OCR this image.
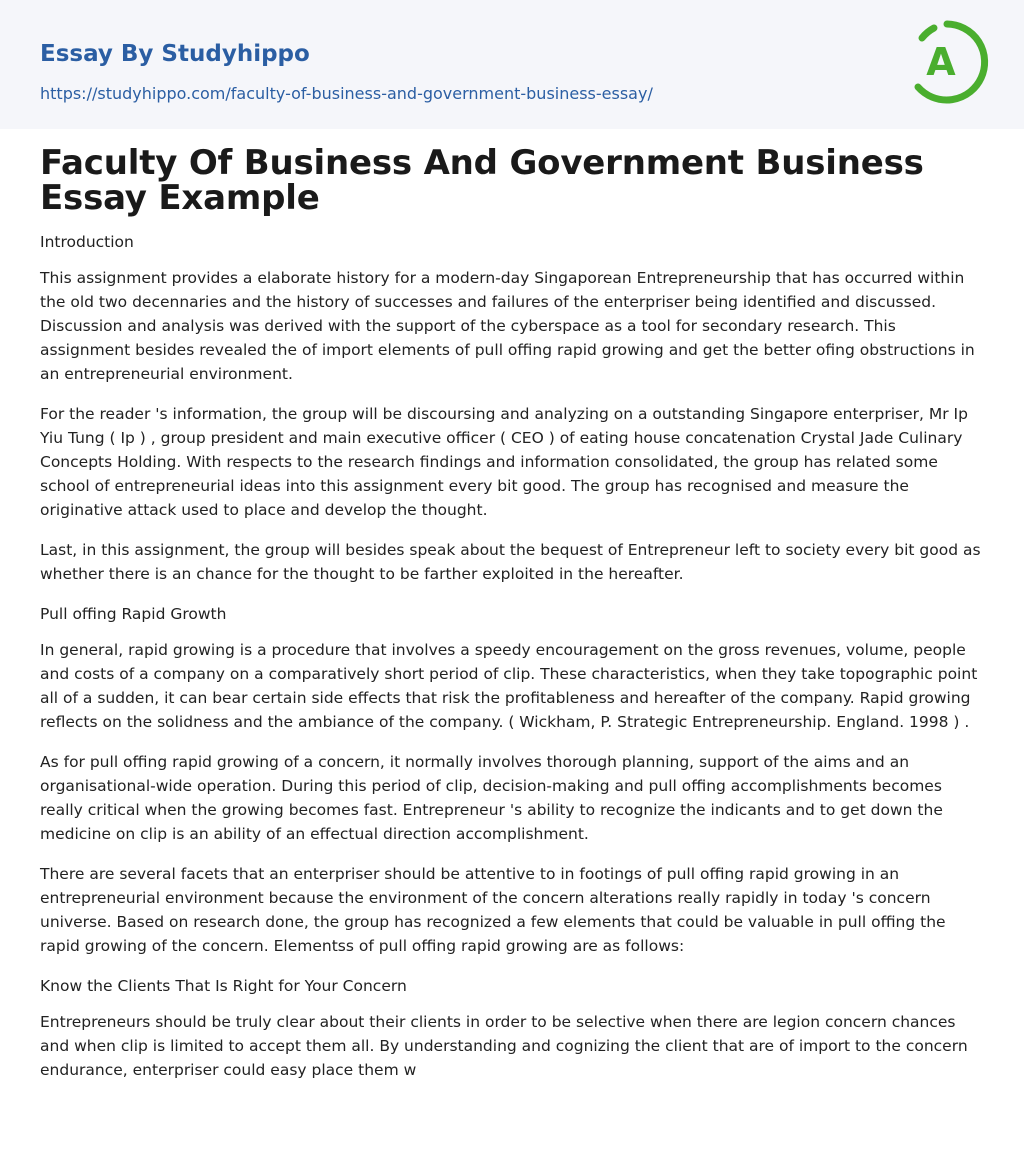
Essay By Studyhippo
https://studyhippo.com/faculty-of-business-and-government-business-essay/
A
Faculty Of Business And Government Business Essay Example
Introduction

This assignment provides a elaborate history for a modern-day Singaporean Entrepreneurship that has occurred within the old two decennaries and the history of successes and failures of the enterpriser being identified and discussed. Discussion and analysis was derived with the support of the cyberspace as a tool for secondary research. This assignment besides revealed the of import elements of pull offing rapid growing and get the better ofing obstructions in an entrepreneurial environment.

For the reader 's information, the group will be discoursing and analyzing on a outstanding Singapore enterpriser, Mr Ip Yiu Tung ( Ip ) , group president and main executive officer ( CEO ) of eating house concatenation Crystal Jade Culinary Concepts Holding. With respects to the research findings and information consolidated, the group has related some school of entrepreneurial ideas into this assignment every bit good. The group has recognised and measure the originative attack used to place and develop the thought.

Last, in this assignment, the group will besides speak about the bequest of Entrepreneur left to society every bit good as whether there is an chance for the thought to be farther exploited in the hereafter.

Pull offing Rapid Growth

In general, rapid growing is a procedure that involves a speedy encouragement on the gross revenues, volume, people and costs of a company on a comparatively short period of clip. These characteristics, when they take topographic point all of a sudden, it can bear certain side effects that risk the profitableness and hereafter of the company. Rapid growing reflects on the solidness and the ambiance of the company. ( Wickham, P. Strategic Entrepreneurship. England. 1998 ) .

As for pull offing rapid growing of a concern, it normally involves thorough planning, support of the aims and an organisational-wide operation. During this period of clip, decision-making and pull offing accomplishments becomes really critical when the growing becomes fast. Entrepreneur 's ability to recognize the indicants and to get down the medicine on clip is an ability of an effectual direction accomplishment.

There are several facets that an enterpriser should be attentive to in footings of pull offing rapid growing in an entrepreneurial environment because the environment of the concern alterations really rapidly in today 's concern universe. Based on research done, the group has recognized a few elements that could be valuable in pull offing the rapid growing of the concern. Elementss of pull offing rapid growing are as follows:

Know the Clients That Is Right for Your Concern

Entrepreneurs should be truly clear about their clients in order to be selective when there are legion concern chances and when clip is limited to accept them all. By understanding and cognizing the client that are of import to the concern endurance, enterpriser could easy place them w
